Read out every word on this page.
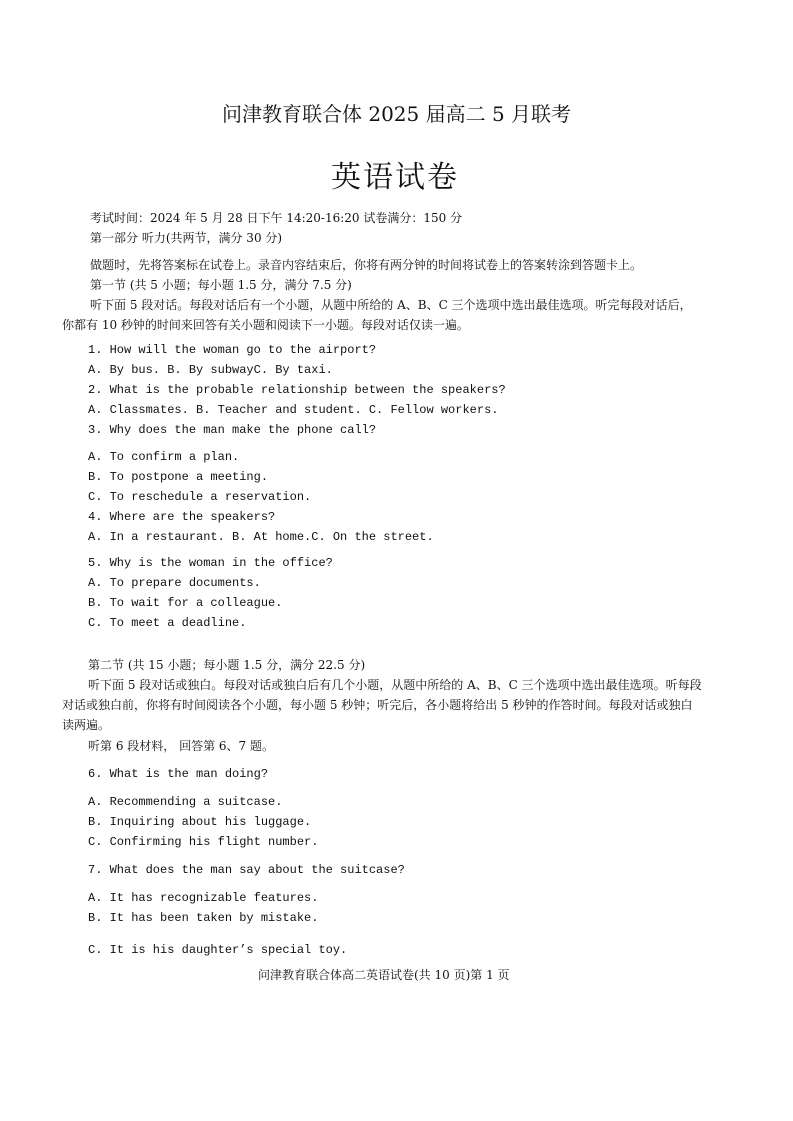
问津教育联合体 2025 届高二 5 月联考
英语试卷
考试时间：2024 年 5 月 28 日下午 14:20-16:20 试卷满分：150 分
第一部分 听力(共两节，满分 30 分)
做题时，先将答案标在试卷上。录音内容结束后，你将有两分钟的时间将试卷上的答案转涂到答题卡上。
第一节 (共 5 小题；每小题 1.5 分，满分 7.5 分)
听下面 5 段对话。每段对话后有一个小题，从题中所给的 A、B、C 三个选项中选出最佳选项。听完每段对话后，
你都有 10 秒钟的时间来回答有关小题和阅读下一小题。每段对话仅读一遍。
1. How will the woman go to the airport?
A. By bus. B. By subwayC. By taxi.
2. What is the probable relationship between the speakers?
A. Classmates. B. Teacher and student. C. Fellow workers.
3. Why does the man make the phone call?
A. To confirm a plan.
B. To postpone a meeting.
C. To reschedule a reservation.
4. Where are the speakers?
A. In a restaurant. B. At home.C. On the street.
5. Why is the woman in the office?
A. To prepare documents.
B. To wait for a colleague.
C. To meet a deadline.
第二节 (共 15 小题；每小题 1.5 分，满分 22.5 分)
听下面 5 段对话或独白。每段对话或独白后有几个小题，从题中所给的 A、B、C 三个选项中选出最佳选项。听每段
对话或独白前，你将有时间阅读各个小题，每小题 5 秒钟；听完后，各小题将给出 5 秒钟的作答时间。每段对话或独白
读两遍。
听第 6 段材料， 回答第 6、7 题。
6. What is the man doing?
A. Recommending a suitcase.
B. Inquiring about his luggage.
C. Confirming his flight number.
7. What does the man say about the suitcase?
A. It has recognizable features.
B. It has been taken by mistake.
C. It is his daughter’s special toy.
问津教育联合体高二英语试卷(共 10 页)第 1 页
